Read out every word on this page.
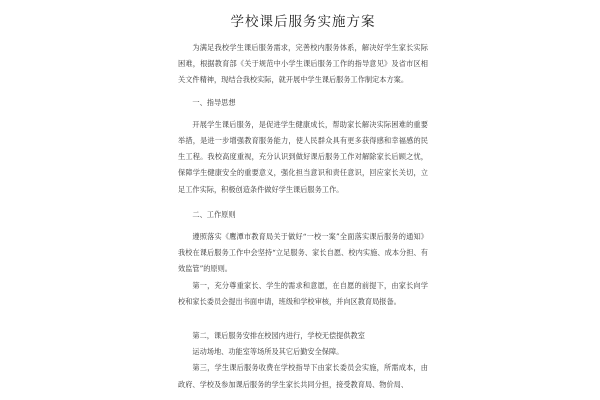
学校课后服务实施方案

为满足我校学生课后服务需求，完善校内服务体系，解决好学生家长实际困难，根据教育部《关于规范中小学生课后服务工作的指导意见》及省市区相关文件精神，现结合我校实际，就开展中学生课后服务工作制定本方案。

一、指导思想

开展学生课后服务，是促进学生健康成长，帮助家长解决实际困难的重要举措，是进一步增强教育服务能力，使人民群众具有更多获得感和幸福感的民生工程。我校高度重视，充分认识到做好课后服务工作对解除家长后顾之忧，保障学生健康安全的重要意义，强化担当意识和责任意识，回应家长关切，立足工作实际，积极创造条件做好学生课后服务工作。

二、工作原则

遵照落实《鹰潭市教育局关于做好“一校一案”全面落实课后服务的通知》我校在课后服务工作中会坚持“立足服务、家长自愿、校内实施、成本分担、有效监管”的原则。

第一，充分尊重家长、学生的需求和意愿，在自愿的前提下，由家长向学校和家长委员会提出书面申请，班级和学校审核，并向区教育局报备。

第二，课后服务安排在校园内进行，学校无偿提供教室

运动场地、功能室等场所及其它后勤安全保障。

第三，学生课后服务收费在学校指导下由家长委员会实施，所需成本，由政府、学校及参加课后服务的学生家长共同分担，接受教育局、物价局、
